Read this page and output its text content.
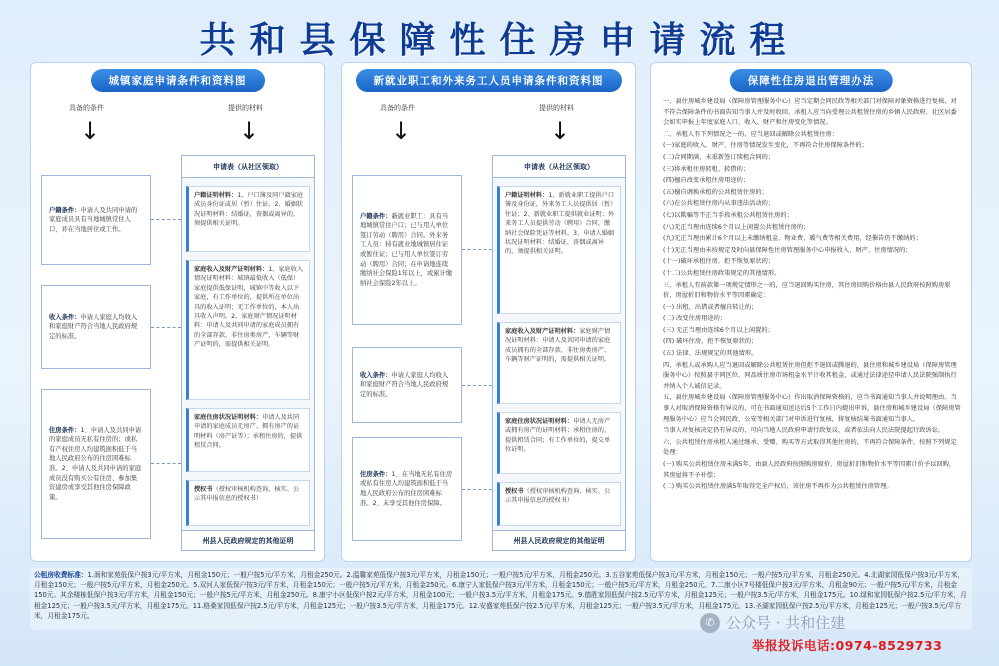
共和县保障性住房申请流程
城镇家庭申请条件和资料图
具备的条件	提供的材料
↓	↓
户籍条件：申请人及共同申请的家庭成员具有当地城镇常住人口，并在当地居住或工作。
收入条件：申请人家庭人均收入和家庭财产符合当地人民政府规定的标准。
住房条件：1、申请人及共同申请的家庭成员无私有住房的；或私有产权住房人均建筑面积低于当地人民政府公布的住房困难标准。2、申请人及共同申请的家庭成员没有购买公有住房、参加集资建房或享受其他住房保障政策。
申请表（从社区领取）
户籍证明材料：1、户口簿及同户籍家庭成员身份证或居（暂）住证。2、婚姻状况证明材料：结婚证，丧偶或离异的，须提供相关证明。
家庭收入及财产证明材料：1、家庭收入情况证明材料：城镇最低收入（低保）家庭提供低保证明，城镇中等收入以下家庭，有工作单位的，提供所在单位出具的收入证明；无工作单位的，本人出具收入声明。2、家庭财产情况证明材料：申请人及共同申请的家庭成员拥有的全部存款、非住房类房产、车辆等财产证明的，需提供相关证明。
家庭住房状况证明材料：申请人及共同申请的家庭成员无房产、拥有房产的证明材料（房产证等）；承租住房的，提供租赁合同。
授权书（授权审核机构查询、核实、公示其申报信息的授权书）
州县人民政府规定的其他证明
新就业职工和外来务工人员申请条件和资料图
具备的条件	提供的材料
↓	↓
户籍条件：新就业职工：具有当地城镇常住户口；已与用人单位签订劳动（聘用）合同。外来务工人员：持有就业地城镇居住证或暂住证；已与用人单位签订劳动（聘用）合同；在申请地连续缴纳社会保险1年以上，或累计缴纳社会保险2年以上。
收入条件：申请人家庭人均收入和家庭财产符合当地人民政府规定的标准。
住房条件：1、在当地无私有住房或私有住房人均建筑面积低于当地人民政府公布的住房困难标准。2、未享受其他住房保障。
申请表（从社区领取）
户籍证明材料：1、新就业职工提供户口簿及身份证，外来务工人员提供居（暂）住证；2、新就业职工提供就业证明；外来务工人员提供劳动（聘用）合同、缴纳社会保险凭证等材料。3、申请人婚姻状况证明材料：结婚证，丧偶或离异的，须提供相关证明。
家庭收入及财产证明材料：家庭财产情况证明材料：申请人及共同申请的家庭成员拥有的全部存款、非住房类房产、车辆等财产证明的，需提供相关证明。
家庭住房状况证明材料：申请人无房产或拥有房产的证明材料；承租住房的，提供租赁合同；有工作单位的，提交单位证明。
授权书（授权审核机构查询、核实、公示其申报信息的授权书）
州县人民政府规定的其他证明
保障性住房退出管理办法

一、县住房城乡建设局（保障房管理服务中心）应当定期会同民政等相关部门对保障对象资格进行复核，对不符合保障条件的书面告知当事人并及时收回。承租人应当向受理公共租赁住房的乡镇人民政府、社区居委会如实申报上年度家庭人口、收入、财产和住房变化等情况。

二、承租人有下列情况之一的，应当退回或解除公共租赁住房：

(一)家庭的收入、财产、住房等情况发生变化，不再符合住房保障条件的；

(二)合同期满，未重新签订续租合同的；

(三)将承租住房转租、转借的；

(四)擅自改变承租住房用途的；

(五)擅自调换承租的公共租赁住房的；

(六)在公共租赁住房内从事违法活动的；

(七)以欺骗等不正当手段承租公共租赁住房的；

(八)无正当理由连续6个月以上闲置公共租赁住房的；

(九)无正当理由累计6个月以上未缴纳租金、物业费、暖气费等相关费用，经催告仍不缴纳的；

(十)无正当理由未按规定及时向县保障性住房管理服务中心申报收入、财产、住房情况的；

(十一)破坏承租住房，拒不恢复原状的；

(十二)公共租赁住房政策规定的其他情形。

三、承租人有前款第一项规定情形之一的，应当退回购买住房，其住房回购价格由县人民政府按照购房原价、房屋折旧和物价水平等因素确定：

(一) 出租、出借或者擅自转让的；

(二) 改变住房用途的；

(三) 无正当理由连续6个月以上闲置的；

(四) 破坏住房，拒不恢复原状的；

(五) 法律、法规规定的其他情形。

四、承租人或承购人应当退回或解除公共租赁住房但拒不退回或腾退的，县住房和城乡建设局（保障房管理服务中心）按照县于同区位、同品质住房市场租金水平计收其租金，或通过法律途径申请人民法院强制执行并纳入个人诚信记录。

五、县住房城乡建设局（保障房管理服务中心）作出取消保障资格的，应当书面通知当事人并说明理由。当事人对取消保障资格有异议的，可在书面通知送达后5个工作日内提出申诉，县住房和城乡建设局（保障房管理服务中心）应当会同民政、公安等相关部门对申诉进行复核，将复核结果书面通知当事人。

当事人对复核决定仍有异议的，可向当地人民政府申请行政复议，或者依法向人民法院提起行政诉讼。

六、公共租赁住房承租人通过继承、受赠、购买等方式取得其他住房的，不再符合保障条件，按照下列规定处理：

(一) 购买公共租赁住房未满5年，由县人民政府按照购房原价、房屋折旧和物价水平等因素计价予以回购，其房屋将不予补偿；

(二) 购买公共租赁住房满5年取得完全产权后，该住房不再作为公共租赁住房管理。

公租房收费标准：1.润和家苑低保户按3元/平方米，月租金150元；一般户按5元/平方米，月租金250元。2.温馨家苑低保户按3元/平方米，月租金150元；一般户按5元/平方米，月租金250元。3.五谷家苑低保户按3元/平方米，月租金150元；一般户按5元/平方米，月租金250元。4.北湖家园低保户按3元/平方米，月租金150元；一般户按5元/平方米，月租金250元。5.双河人家低保户按3元/平方米，月租金150元；一般户按5元/平方米，月租金250元。6.康宁人家低保户按3元/平方米，月租金150元；一般户按5元/平方米，月租金250元。7.二康小区7号楼低保户按3元/平方米，月租金90元；一般户按5元/平方米，月租金150元。其余楼栋低保户按3元/平方米，月租金150元；一般户按5元/平方米，月租金250元。8.康宁小区低保户按2元/平方米，月租金100元；一般户按3.5元/平方米，月租金175元。9.德胜家园低保户按2.5元/平方米，月租金125元；一般户按3.5元/平方米，月租金175元。10.绿和家园低保户按2.5元/平方米，月租金125元；一般户按3.5元/平方米，月租金175元。11.格桑家园低保户按2.5元/平方米，月租金125元；一般户按3.5元/平方米，月租金175元。12.安盛家苑低保户按2.5元/平方米，月租金125元；一般户按3.5元/平方米，月租金175元。13.圣湖家园低保户按2.5元/平方米，月租金125元；一般户按3.5元/平方米，月租金175元。	✆ 公众号 · 共和住建
举报投诉电话:0974-8529733
